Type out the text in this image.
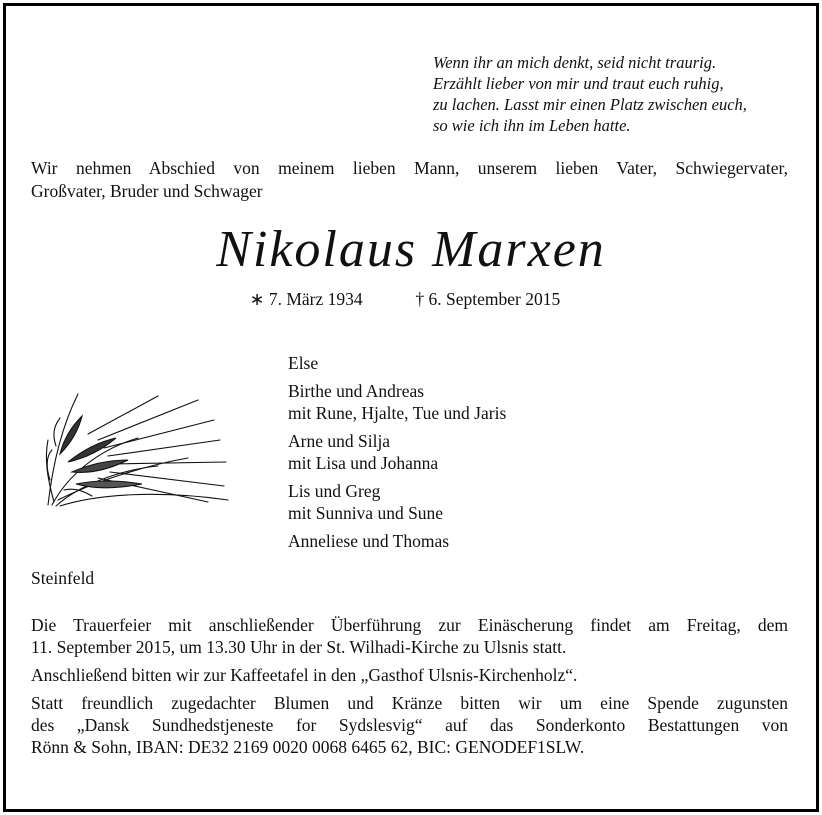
Wenn ihr an mich denkt, seid nicht traurig.
Erzählt lieber von mir und traut euch ruhig,
zu lachen. Lasst mir einen Platz zwischen euch,
so wie ich ihn im Leben hatte.
Wir nehmen Abschied von meinem lieben Mann, unserem lieben Vater, Schwiegervater,
Großvater, Bruder und Schwager
Nikolaus Marxen
∗ 7. März 1934	† 6. September 2015
Else
Birthe und Andreas
mit Rune, Hjalte, Tue und Jaris
Arne und Silja
mit Lisa und Johanna
Lis und Greg
mit Sunniva und Sune
Anneliese und Thomas
Steinfeld

Die Trauerfeier mit anschließender Überführung zur Einäscherung findet am Freitag, dem
11. September 2015, um 13.30 Uhr in der St. Wilhadi-Kirche zu Ulsnis statt.

Anschließend bitten wir zur Kaffeetafel in den „Gasthof Ulsnis-Kirchenholz“.

Statt freundlich zugedachter Blumen und Kränze bitten wir um eine Spende zugunsten
des „Dansk Sundhedstjeneste for Sydslesvig“ auf das Sonderkonto Bestattungen von
Rönn & Sohn, IBAN: DE32 2169 0020 0068 6465 62, BIC: GENODEF1SLW.
